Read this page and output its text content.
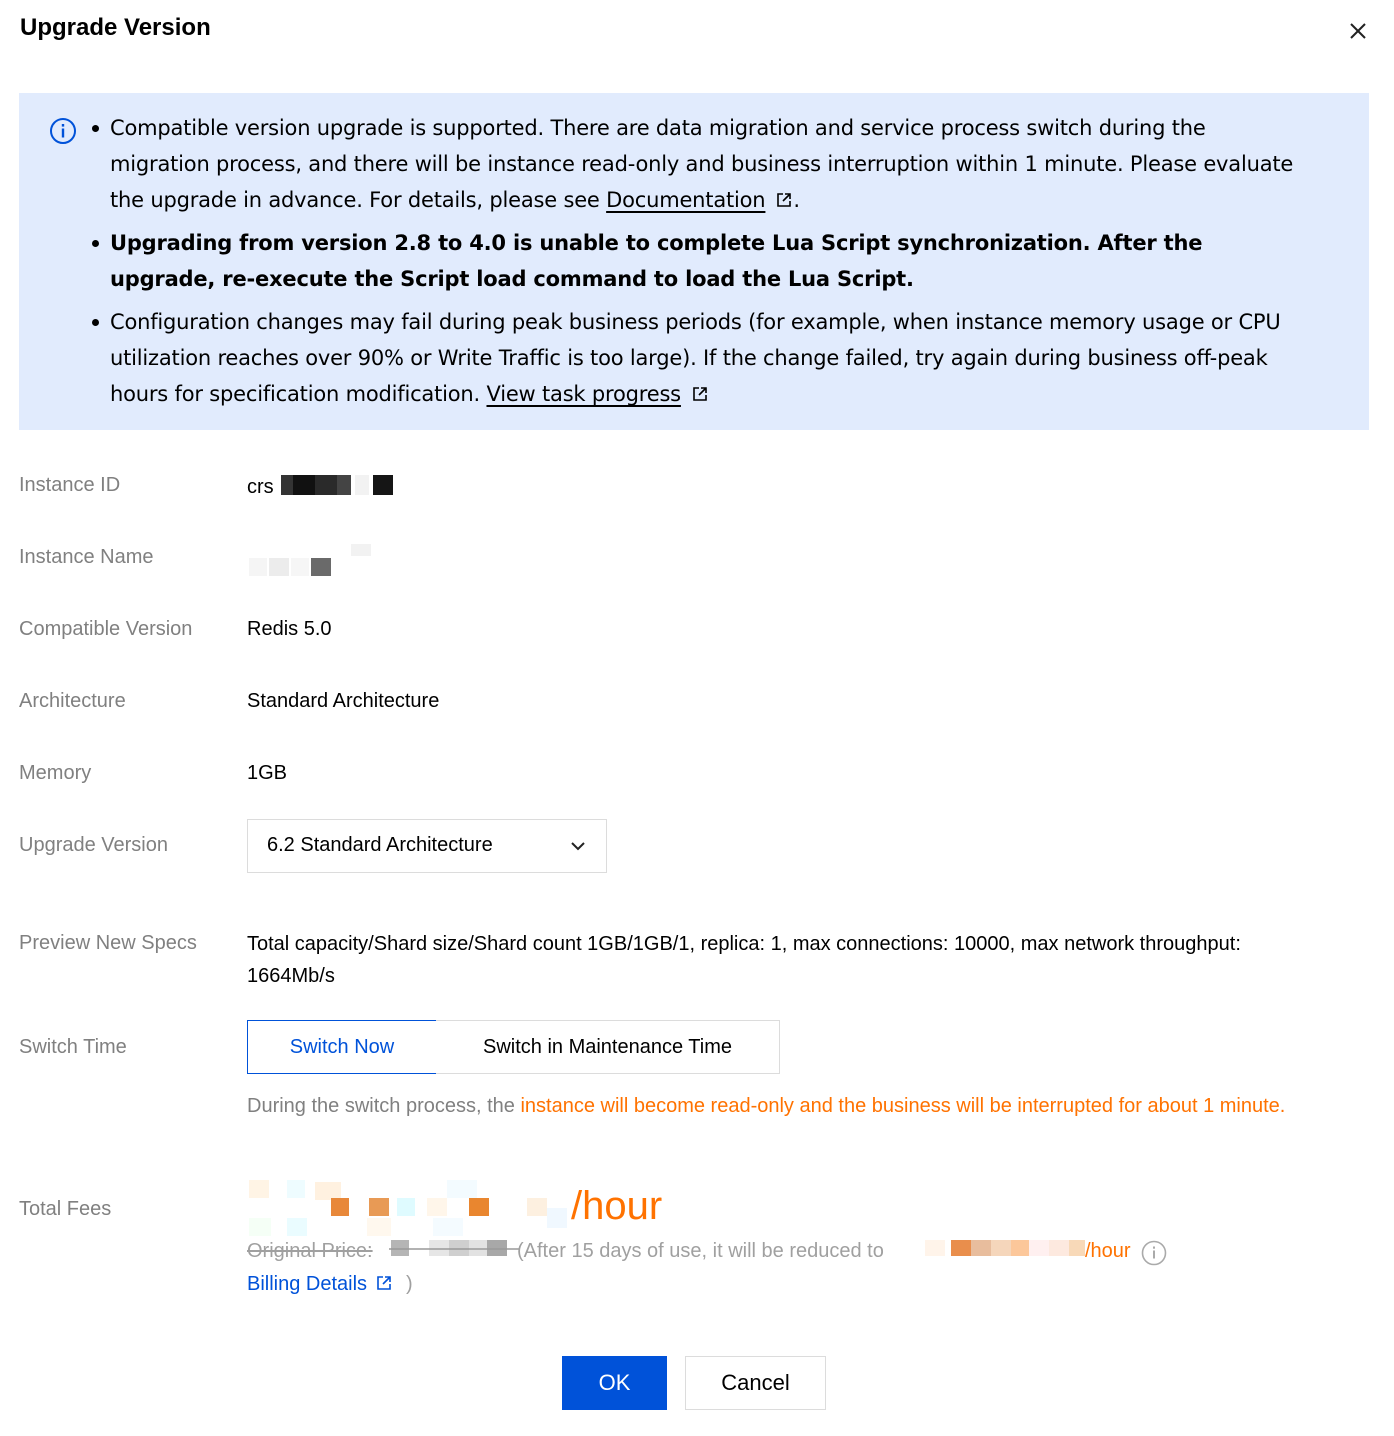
Upgrade Version
Compatible version upgrade is supported. There are data migration and service process switch during the migration process, and there will be instance read-only and business interruption within 1 minute. Please evaluate the upgrade in advance. For details, please see Documentation .
Upgrading from version 2.8 to 4.0 is unable to complete Lua Script synchronization. After the upgrade, re-execute the Script load command to load the Lua Script.
Configuration changes may fail during peak business periods (for example, when instance memory usage or CPU utilization reaches over 90% or Write Traffic is too large). If the change failed, try again during business off-peak hours for specification modification. View task progress
Instance ID	crs
Instance Name
Compatible Version	Redis 5.0
Architecture	Standard Architecture
Memory	1GB
Upgrade Version	6.2 Standard Architecture
Preview New Specs	Total capacity/Shard size/Shard count 1GB/1GB/1, replica: 1, max connections: 10000, max network throughput: 1664Mb/s
Switch Time	Switch Now	Switch in Maintenance Time
During the switch process, the instance will become read-only and the business will be interrupted for about 1 minute.
Total Fees	/hour
Original Price:	(After 15 days of use, it will be reduced to	/hour
Billing Details	)
OK	Cancel
